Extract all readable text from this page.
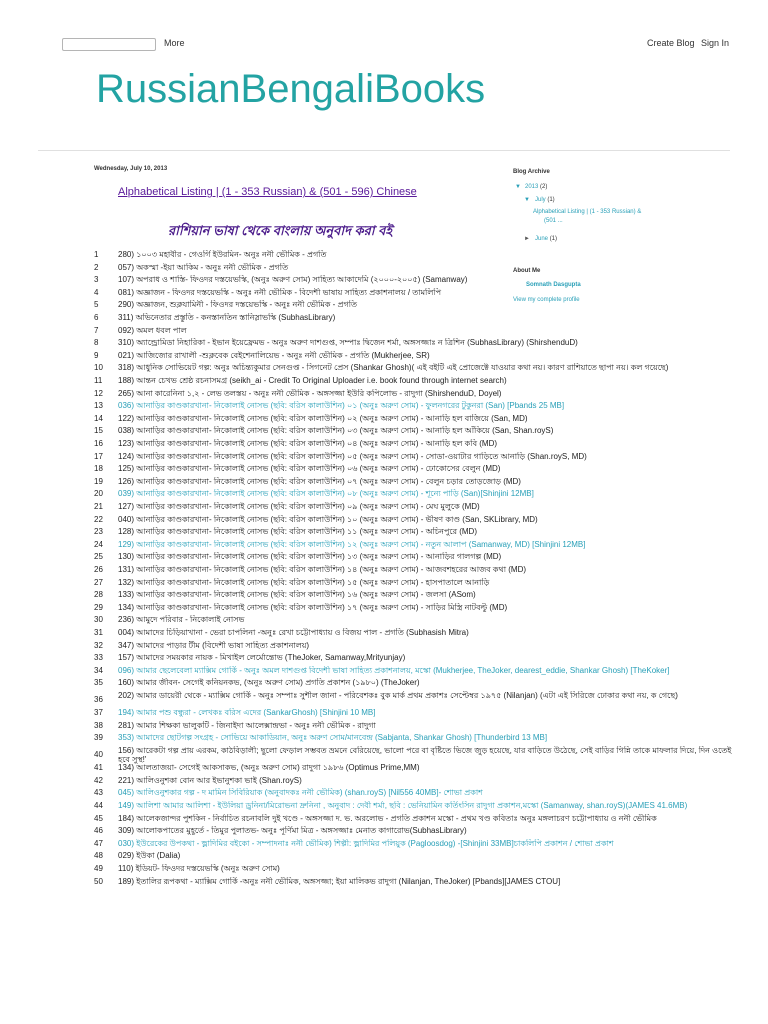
More	Create Blog Sign In
RussianBengaliBooks
Wednesday, July 10, 2013
Alphabetical Listing | (1 - 353 Russian) & (501 - 596) Chinese
রাশিয়ান ভাষা থেকে বাংলায় অনুবাদ করা বই
1	280) ১০০৩ মহাবীর - গেওর্গি ইউরমিন- অনুঃ ননী ভৌমিক - প্রগতি
2	057) অকস্মা -ইয়া আকিম - অনুঃ ননী ভৌমিক - প্রগতি
3	107) অপরাধ ও শাস্তি- ফিওদর দস্তয়েভস্কি, (অনুঃ অরুণ সোম) সাহিত্য আকাদেমি (২০০০-২০০৫) (Samanway)
4	081) অজ্ঞাজন - ফিওদর দস্তয়েভস্কি - অনুঃ ননী ভৌমিক - বিদেশী ভাষায় সাহিত্য প্রকাশনালয় / তামলিপি
5	290) অজ্ঞাজন, শুক্লযামিনী - ফিওদর দস্তয়েভস্কি - অনুঃ ননী ভৌমিক - প্রগতি
6	311) অভিনেতার প্রস্তুতি - কনস্তানতিন স্তানিস্লাভস্কি (SubhasLibrary)
7	092) অমল ধবল পাল
8	310) অ্যান্ড্রোমিডা নিহারিকা - ইভান ইয়েফ্রেমভ - অনুঃ অরুণ দাশগুপ্ত, সম্পাঃ দ্বিজেন শর্মা, অঙ্গসজ্জাঃ ন ত্রিশিন (SubhasLibrary) (ShirshenduD)
9	021) আজিজোর রাখালী -শুক্লবেক বেইশেনালিয়েভ - অনুঃ ননী ভৌমিক - প্রগতি (Mukherjee, SR)
10	318) আধুনিক সোভিয়েট গল্প: অনুঃ অচিন্ত্যকুমার সেনগুপ্ত - সিগনেট প্রেস (Shankar Ghosh)( এই বইটি এই প্রোজেক্টে যাওয়ার কথা নয়। কারণ রাশিয়াতে ছাপা নয়। কল গয়েছে)
11	188) আন্তন চেখভ শ্রেষ্ঠ রচনাসমগ্র (seikh_ai - Credit To Original Uploader i.e. book found through internet search)
12	265) আনা কারেনিনা ১,২ - লেভ তলস্তয় - অনুঃ ননী ভৌমিক - অঙ্গসজ্জা ইউরি কপিলোভ - রাদুগা (ShirshenduD, Doyel)
13	036) আনাড়ির কাণ্ডকারখানা- নিকোলাই নোসভ (ছবি: বরিস কালাউশিন) ০১ (অনুঃ অরুণ সোম) - ফুলনগরের টুকুনরা (San) [Pbands 25 MB]
14	122) আনাড়ির কাণ্ডকারখানা- নিকোলাই নোসভ (ছবি: বরিস কালাউশিন) ০২ (অনুঃ অরুণ সোম) - আনাড়ি হল বাজিয়ে (San, MD)
15	038) আনাড়ির কাণ্ডকারখানা- নিকোলাই নোসভ (ছবি: বরিস কালাউশিন) ০৩ (অনুঃ অরুণ সোম) - আনাড়ি হল আঁকিয়ে (San, Shan.royS)
16	123) আনাড়ির কাণ্ডকারখানা- নিকোলাই নোসভ (ছবি: বরিস কালাউশিন) ০৪ (অনুঃ অরুণ সোম) - আনাড়ি হল কবি (MD)
17	124) আনাড়ির কাণ্ডকারখানা- নিকোলাই নোসভ (ছবি: বরিস কালাউশিন) ০৫ (অনুঃ অরুণ সোম) - সোডা-ওয়াটার গাড়িতে আনাড়ি (Shan.royS, MD)
18	125) আনাড়ির কাণ্ডকারখানা- নিকোলাই নোসভ (ছবি: বরিস কালাউশিন) ০৬ (অনুঃ অরুণ সোম) - ঢোকোসের বেলুন (MD)
19	126) আনাড়ির কাণ্ডকারখানা- নিকোলাই নোসভ (ছবি: বরিস কালাউশিন) ০৭ (অনুঃ অরুণ সোম) - বেলুন চড়ার তোড়জোড় (MD)
20	039) আনাড়ির কাণ্ডকারখানা- নিকোলাই নোসভ (ছবি: বরিস কালাউশিন) ০৮ (অনুঃ অরুণ সোম) - শূন্যে পাড়ি (San)[Shinjini 12MB]
21	127) আনাড়ির কাণ্ডকারখানা- নিকোলাই নোসভ (ছবি: বরিস কালাউশিন) ০৯ (অনুঃ অরুণ সোম) - মেঘ মুলুকে (MD)
22	040) আনাড়ির কাণ্ডকারখানা- নিকোলাই নোসভ (ছবি: বরিস কালাউশিন) ১০ (অনুঃ অরুণ সোম) - ভীষণ কাণ্ড (San, SKLibrary, MD)
23	128) আনাড়ির কাণ্ডকারখানা- নিকোলাই নোসভ (ছবি: বরিস কালাউশিন) ১১ (অনুঃ অরুণ সোম) - অচিনপুরে (MD)
24	129) আনাড়ির কাণ্ডকারখানা- নিকোলাই নোসভ (ছবি: বরিস কালাউশিন) ১২ (অনুঃ অরুণ সোম) - নতুন আলাপ (Samanway, MD) [Shinjini 12MB]
25	130) আনাড়ির কাণ্ডকারখানা- নিকোলাই নোসভ (ছবি: বরিস কালাউশিন) ১৩ (অনুঃ অরুণ সোম) - আনাড়ির গালগল্প (MD)
26	131) আনাড়ির কাণ্ডকারখানা- নিকোলাই নোসভ (ছবি: বরিস কালাউশিন) ১৪ (অনুঃ অরুণ সোম) - আজবশহরের আজব কথা (MD)
27	132) আনাড়ির কাণ্ডকারখানা- নিকোলাই নোসভ (ছবি: বরিস কালাউশিন) ১৫ (অনুঃ অরুণ সোম) - হাসপাতালে আনাড়ি
28	133) আনাড়ির কাণ্ডকারখানা- নিকোলাই নোসভ (ছবি: বরিস কালাউশিন) ১৬ (অনুঃ অরুণ সোম) - জলসা (ASom)
29	134) আনাড়ির কাণ্ডকারখানা- নিকোলাই নোসভ (ছবি: বরিস কালাউশিন) ১৭ (অনুঃ অরুণ সোম) - সাড়ির মিস্ত্রি নাটবল্টু (MD)
30	236) আমুদে পরিবার - নিকোলাই নোসভ
31	004) আমাদের চিড়িয়াখানা - ভেরা চাপলিনা -অনুঃ রেখা চট্টোপাধ্যায় ও বিজয় পাল - প্রগতি (Subhasish Mitra)
32	347) আমাদের পাড়ার টীম (বিদেশী ভাষা সাহিত্য প্রকাশনালয়)
33	157) আমাদের সময়কার নায়ক - মিখাইল লের্মোন্তোভ (TheJoker, Samanway,Mrityunjay)
34	096) আমার ছেলেবেলা ম্যাক্সিম গোর্কি - অনুঃ অমল দাশগুপ্ত বিদেশী ভাষা সাহিত্য প্রকাশনালয়, মস্কো (Mukherjee, TheJoker, dearest_eddie, Shankar Ghosh) [TheKoker]
35	160) আমার জীবন- সেগেই কনিয়নকভ, (অনুঃ অরুণ সোম) প্রগতি প্রকাশন (১৯৮০) (TheJoker)
36	202) আমার ডায়েরী থেকে - ম্যাক্সিম গোর্কি - অনুঃ সম্পাঃ সুশীল জানা - পরিবেশকঃ বুক মার্ক প্রথম প্রকাশঃ সেপ্টেম্বর ১৯৭৫ (Nilanjan) (এটা এই সিরিজে ঢোকার কথা নয়, ক গেছে)
37	194) আমার পশু বন্ধুরা - লেখকঃ বরিস এদের (SankarGhosh) [Shinjini 10 MB]
38	281) আমার শিক্ষকা ভালুকটি - জিনাইদা আলেক্সান্দ্রভা - অনুঃ ননী ভৌমিক - রাদুগা
39	353) আমাদের ছোটগল্প সংগ্রহ - সোভিয়ে আকাডিয়ান, অনুঃ অরুণ সোম/মানবেন্দ্র (Sabjanta, Shankar Ghosh) [Thunderbird 13 MB]
40	156) আরেকটা গল্প প্রায় এরকম, কাঠবিড়ালী; ছুলো ফেড়াল সম্ভবত ভ্রমনে বেরিয়েছে, ভালো পরে বা বৃষ্টিতে ভিজে জুড় হয়েছে, যার বাড়িতে উঠেছে, সেই বাড়ির গিন্নি তাকে মাফলার দিয়ে, দিন ওতেই হবে সুস্থ!'
41	134) আলতাজয়া- সেগেই আকসাকভ, (অনুঃ অরুণ সোম) রাদুগা ১৯৮৬ (Optimus Prime,MM)
42	221) আলিওনুশকা বোন আর ইভানুশকা ভাই (Shan.royS)
43	045) আলিওনুশকার গল্প - দ মামিন সিবিরিয়াক (অনুবাদকঃ ননী ভৌমিক) (shan.royS) [Nil556 40MB]- শোভা প্রকাশ
44	149) আলিশা আমার আলিশা - ইউলিয়া ড্রুনিনা/মিরোভনা দ্রুনিনা , অনুবাদ : দেবী শর্মা, ছবি : ভেনিয়ামিন কর্তিংসিন রাদুগা প্রকাশন,মস্কো (Samanway, shan.royS)(JAMES 41.6MB)
45	184) আলেকজান্দর পুশকিন - নির্বাচিত রচনাবলি দুই খণ্ডে - অঙ্গসজ্জা দ. ভ. অরলোভ - প্রগতি প্রকাশন মস্কো - প্রথম খণ্ড কবিতাঃ অনুঃ মঙ্গলাচরণ চট্টোপাধ্যায় ও ননী ভৌমিক
46	309) আলোকপাতের মুহূর্তে - তিমুর পুলাতভ- অনুঃ পূর্ণিমা মিত্র - অঙ্গসজ্জাঃ মেনাত কাগারোভ(SubhasLibrary)
47	030) ইউরেকের উপকথা - ভ্লাদিমির বইকো - সম্পাদনাঃ ননী ভৌমিক) শিল্পী: ভ্লাদিমির পলিয়ুক (Pagloosdog) -[Shinjini 33MB]চাকলিপি প্রকাশন / শোভা প্রকাশ
48	029) ইউকা (Dalia)
49	110) ইডিয়ট- ফিওদর দস্তয়েভস্কি (অনুঃ অরুণ সোম)
50	189) ইতালির রূপকথা - ম্যাক্সিম গোর্কি -অনুঃ ননী ভৌমিক, অঙ্গসজ্জা; ইয়া মালিকভ রাদুগা (Nilanjan, TheJoker) [Pbands][JAMES CTOU]
Blog Archive
▼ 2013 (2)
▼ July (1)
Alphabetical Listing | (1 - 353 Russian) &
(501 ...
► June (1)
About Me
Somnath Dasgupta
View my complete profile
